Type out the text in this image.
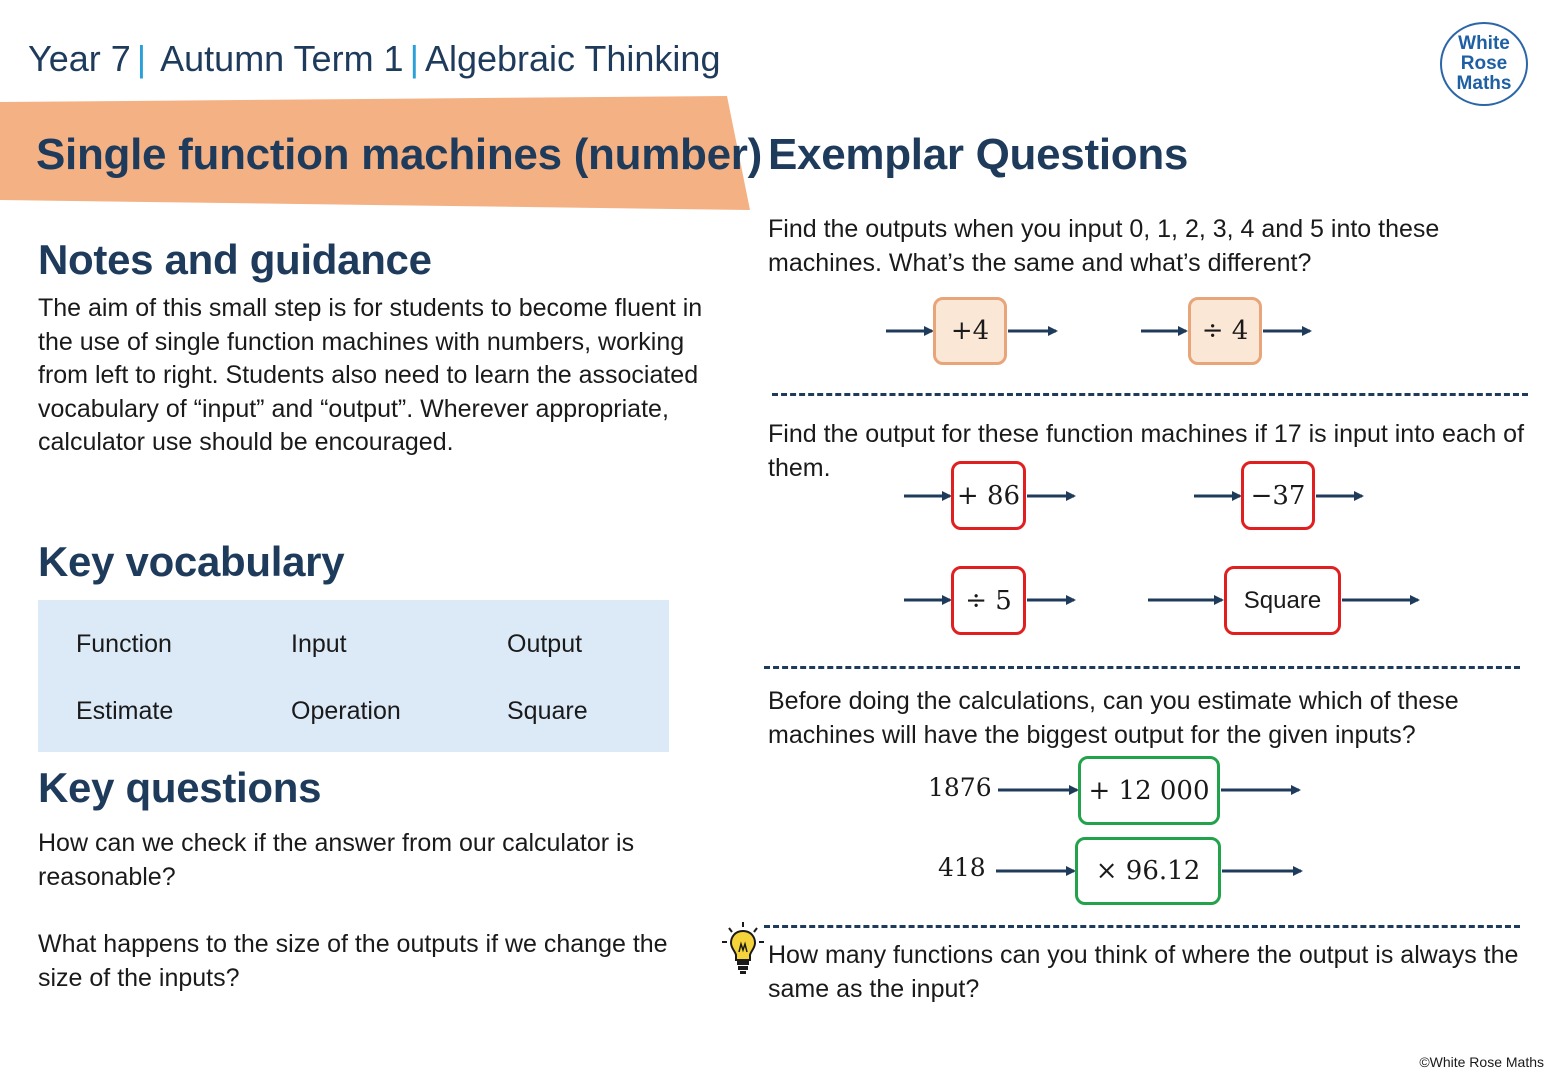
Year 7 | Autumn Term 1 | Algebraic Thinking	White
Rose
Maths
Single function machines (number) Exemplar Questions
Notes and guidance
The aim of this small step is for students to become fluent in the use of single function machines with numbers, working from left to right. Students also need to learn the associated vocabulary of “input” and “output”. Wherever appropriate, calculator use should be encouraged.
Key vocabulary
Function	Input	Output
Estimate	Operation	Square
Key questions
How can we check if the answer from our calculator is reasonable?
What happens to the size of the outputs if we change the size of the inputs?
Find the outputs when you input 0, 1, 2, 3, 4 and 5 into these machines. What’s the same and what’s different?
Find the output for these function machines if 17 is input into each of them.
Before doing the calculations, can you estimate which of these machines will have the biggest output for the given inputs?
How many functions can you think of where the output is always the same as the input?
+4	÷ 4
+ 86	−37
÷ 5	Square
1876
418
+ 12 000
× 96.12
©White Rose Maths
